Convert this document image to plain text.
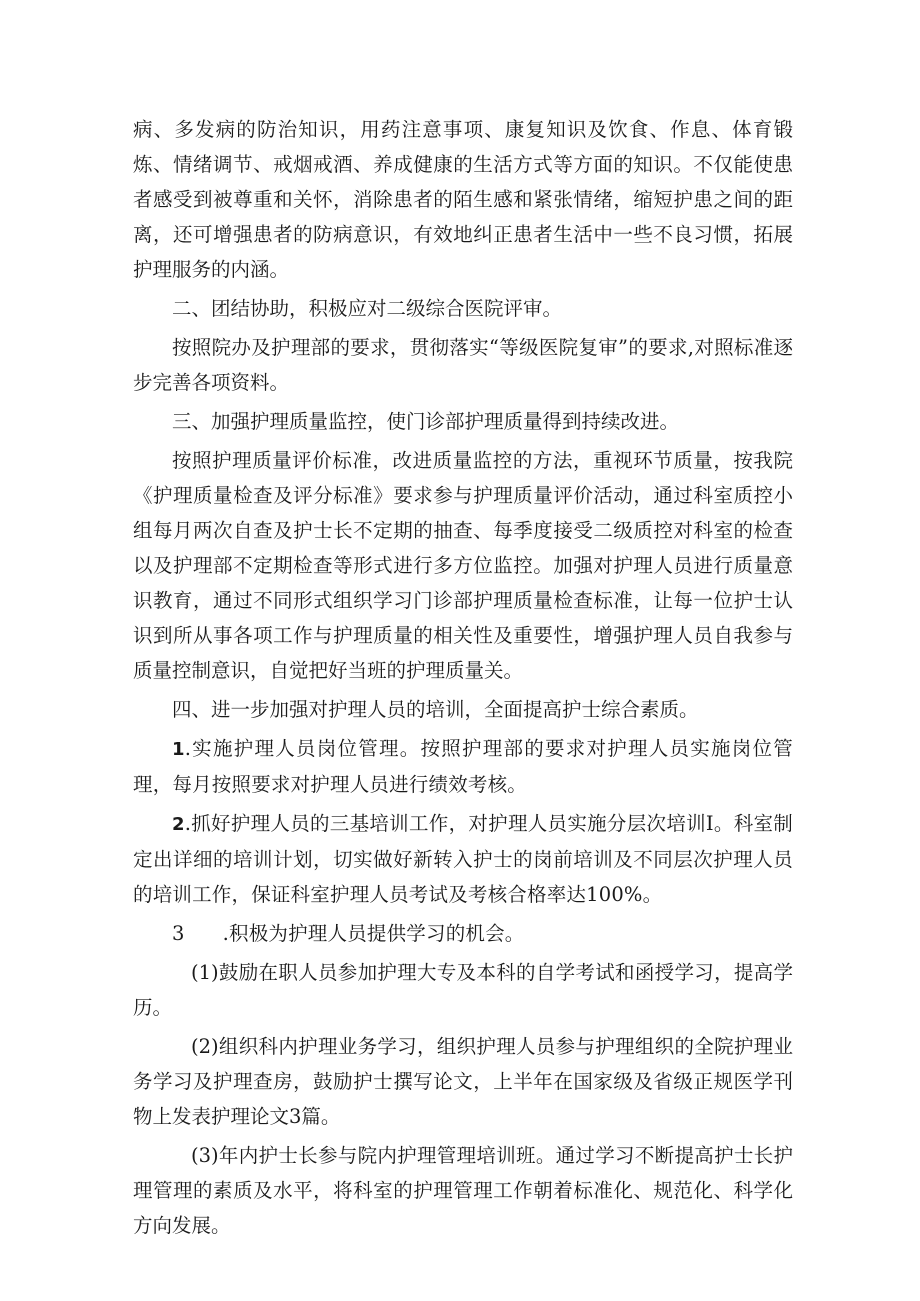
病、多发病的防治知识，用药注意事项、康复知识及饮食、作息、体育锻炼、情绪调节、戒烟戒酒、养成健康的生活方式等方面的知识。不仅能使患者感受到被尊重和关怀，消除患者的陌生感和紧张情绪，缩短护患之间的距离，还可增强患者的防病意识，有效地纠正患者生活中一些不良习惯，拓展护理服务的内涵。

二、团结协助，积极应对二级综合医院评审。

按照院办及护理部的要求，贯彻落实“等级医院复审”的要求,对照标准逐步完善各项资料。

三、加强护理质量监控，使门诊部护理质量得到持续改进。

按照护理质量评价标准，改进质量监控的方法，重视环节质量，按我院《护理质量检查及评分标准》要求参与护理质量评价活动，通过科室质控小组每月两次自查及护士长不定期的抽查、每季度接受二级质控对科室的检查以及护理部不定期检查等形式进行多方位监控。加强对护理人员进行质量意识教育，通过不同形式组织学习门诊部护理质量检查标准，让每一位护士认识到所从事各项工作与护理质量的相关性及重要性，增强护理人员自我参与质量控制意识，自觉把好当班的护理质量关。

四、进一步加强对护理人员的培训，全面提高护士综合素质。

1.实施护理人员岗位管理。按照护理部的要求对护理人员实施岗位管理，每月按照要求对护理人员进行绩效考核。

2.抓好护理人员的三基培训工作，对护理人员实施分层次培训I。科室制定出详细的培训计划，切实做好新转入护士的岗前培训及不同层次护理人员的培训工作，保证科室护理人员考试及考核合格率达100%。

3 .积极为护理人员提供学习的机会。

(1)鼓励在职人员参加护理大专及本科的自学考试和函授学习，提高学历。

(2)组织科内护理业务学习，组织护理人员参与护理组织的全院护理业务学习及护理查房，鼓励护士撰写论文，上半年在国家级及省级正规医学刊物上发表护理论文3篇。

(3)年内护士长参与院内护理管理培训班。通过学习不断提高护士长护理管理的素质及水平，将科室的护理管理工作朝着标准化、规范化、科学化方向发展。
